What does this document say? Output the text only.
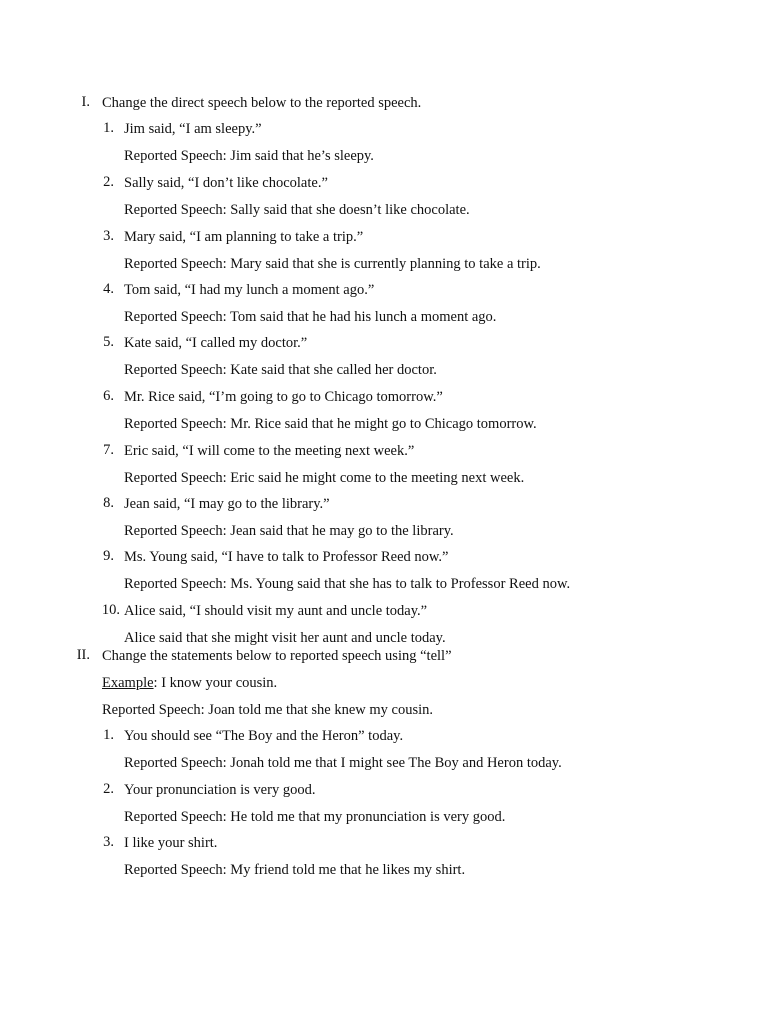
I. Change the direct speech below to the reported speech.
1. Jim said, “I am sleepy.”
Reported Speech: Jim said that he’s sleepy.
2. Sally said, “I don’t like chocolate.”
Reported Speech: Sally said that she doesn’t like chocolate.
3. Mary said, “I am planning to take a trip.”
Reported Speech: Mary said that she is currently planning to take a trip.
4. Tom said, “I had my lunch a moment ago.”
Reported Speech: Tom said that he had his lunch a moment ago.
5. Kate said, “I called my doctor.”
Reported Speech: Kate said that she called her doctor.
6. Mr. Rice said, “I’m going to go to Chicago tomorrow.”
Reported Speech: Mr. Rice said that he might go to Chicago tomorrow.
7. Eric said, “I will come to the meeting next week.”
Reported Speech: Eric said he might come to the meeting next week.
8. Jean said, “I may go to the library.”
Reported Speech: Jean said that he may go to the library.
9. Ms. Young said, “I have to talk to Professor Reed now.”
Reported Speech: Ms. Young said that she has to talk to Professor Reed now.
10. Alice said, “I should visit my aunt and uncle today.”
Alice said that she might visit her aunt and uncle today.
II. Change the statements below to reported speech using “tell”
Example: I know your cousin.
Reported Speech: Joan told me that she knew my cousin.
1. You should see “The Boy and the Heron” today.
Reported Speech: Jonah told me that I might see The Boy and Heron today.
2. Your pronunciation is very good.
Reported Speech: He told me that my pronunciation is very good.
3. I like your shirt.
Reported Speech: My friend told me that he likes my shirt.
